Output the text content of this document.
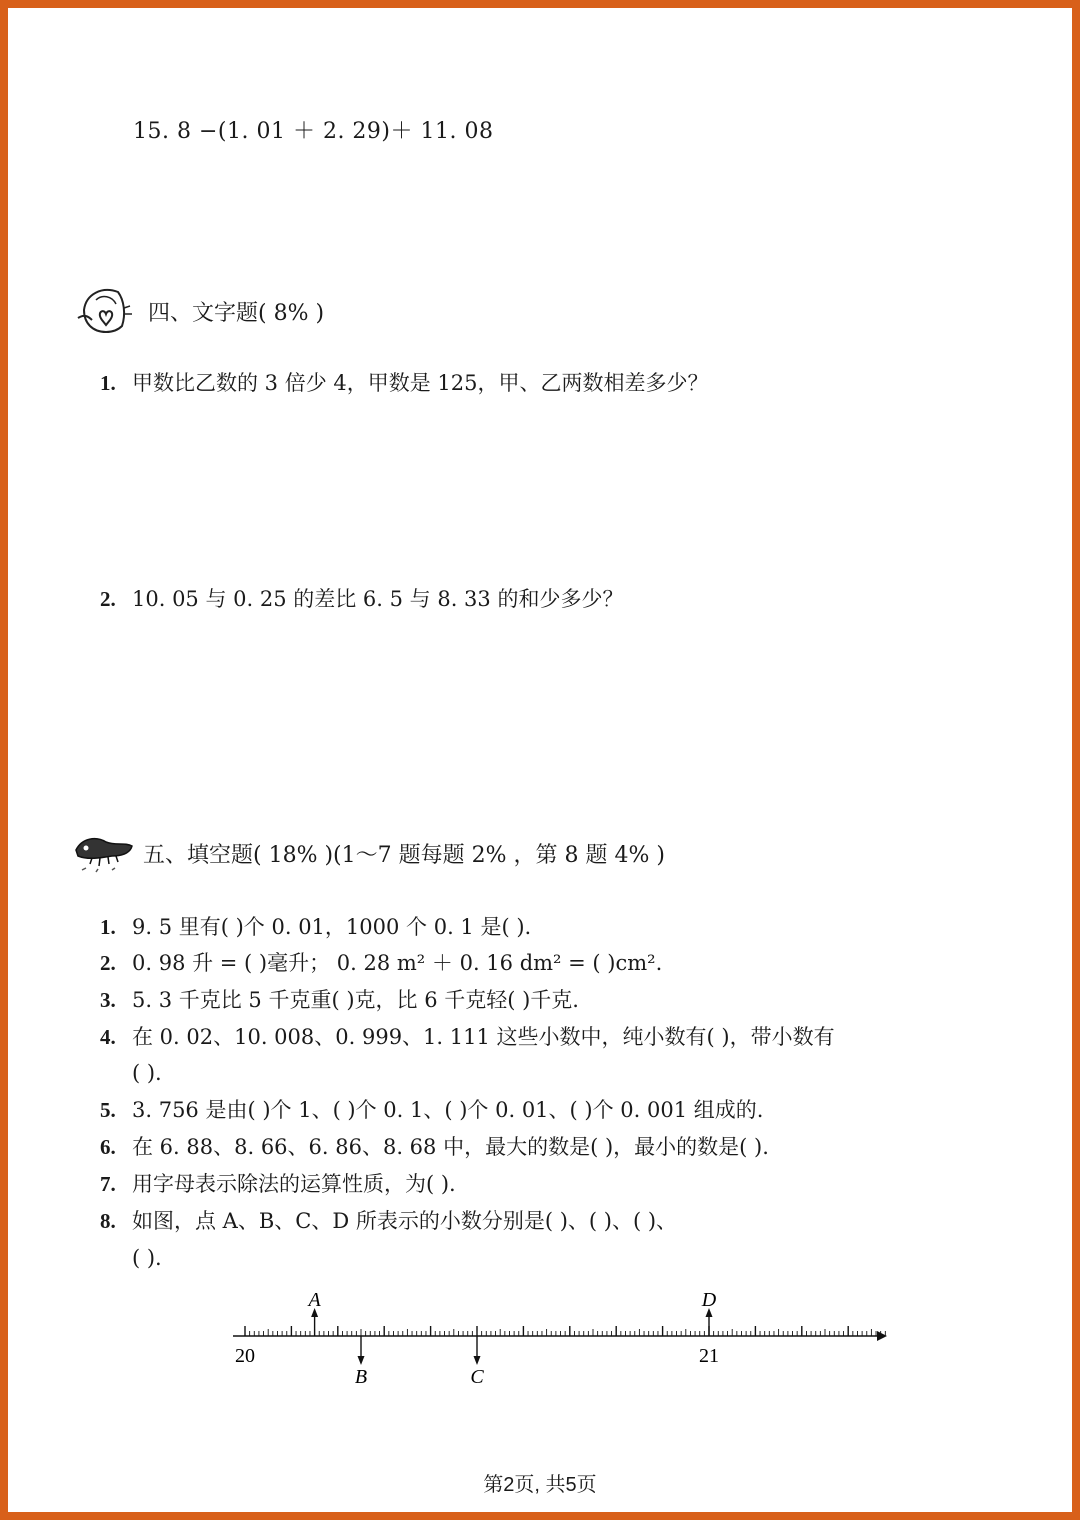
15. 8 −(1. 01 ＋ 2. 29)＋ 11. 08
四、文字题( 8% )
1. 甲数比乙数的 3 倍少 4，甲数是 125，甲、乙两数相差多少？
2. 10. 05 与 0. 25 的差比 6. 5 与 8. 33 的和少多少？
五、填空题( 18% )(1～7 题每题 2% ，第 8 题 4% )
1. 9. 5 里有( )个 0. 01，1000 个 0. 1 是( ).
2. 0. 98 升 = ( )毫升； 0. 28 m² ＋ 0. 16 dm² = ( )cm².
3. 5. 3 千克比 5 千克重( )克，比 6 千克轻( )千克.
4. 在 0. 02、10. 008、0. 999、1. 111 这些小数中，纯小数有( )，带小数有
( ).
5. 3. 756 是由( )个 1、( )个 0. 1、( )个 0. 01、( )个 0. 001 组成的.
6. 在 6. 88、8. 66、6. 86、8. 68 中，最大的数是( )，最小的数是( ).
7. 用字母表示除法的运算性质，为( ).
8. 如图，点 A、B、C、D 所表示的小数分别是( )、( )、( )、
( ).
20	21
A
B	C
D
第2页, 共5页
